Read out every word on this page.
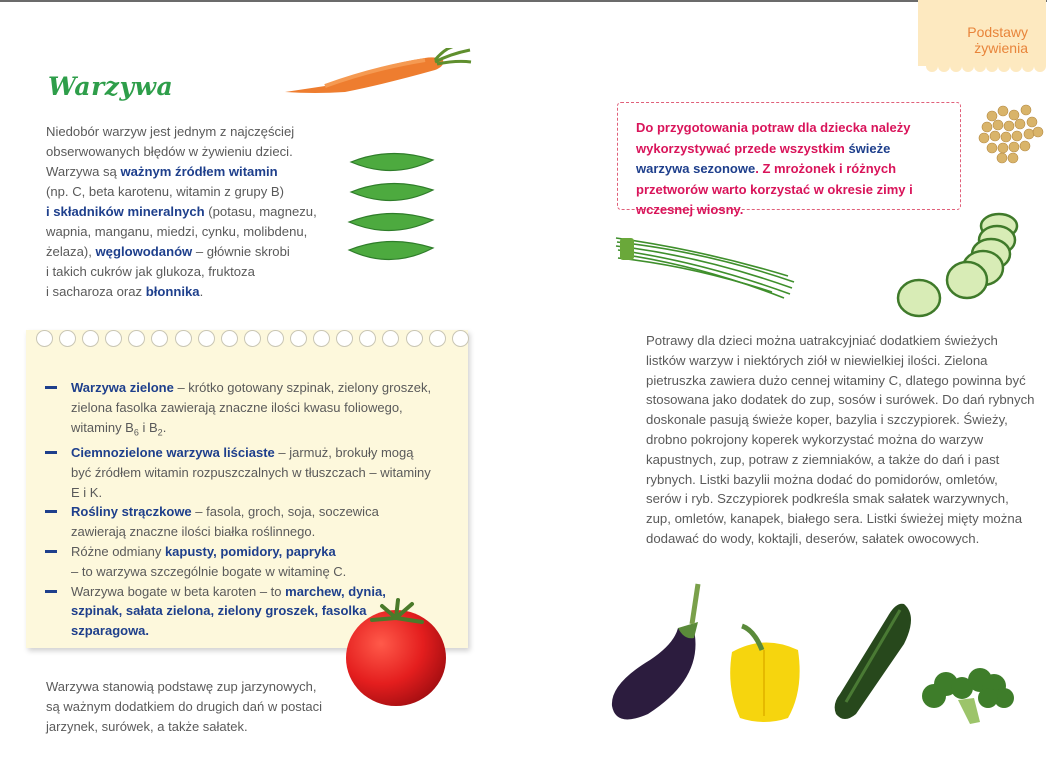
Podstawy
żywienia
Warzywa

Niedobór warzyw jest jednym z najczęściej
obserwowanych błędów w żywieniu dzieci.
Warzywa są ważnym źródłem witamin
(np. C, beta karotenu, witamin z grupy B)
i składników mineralnych (potasu, magnezu,
wapnia, manganu, miedzi, cynku, molibdenu,
żelaza), węglowodanów – głównie skrobi
i takich cukrów jak glukoza, fruktoza
i sacharoza oraz błonnika.

Warzywa zielone – krótko gotowany szpinak, zielony groszek, zielona fasolka zawierają znaczne ilości kwasu foliowego, witaminy $B_6$ i $B_2$.
Ciemnozielone warzywa liściaste – jarmuż, brokuły mogą być źródłem witamin rozpuszczalnych w tłuszczach – witaminy E i K.
Rośliny strączkowe – fasola, groch, soja, soczewica zawierają znaczne ilości białka roślinnego.
Różne odmiany kapusty, pomidory, papryka
– to warzywa szczególnie bogate w witaminę C.
Warzywa bogate w beta karoten – to marchew, dynia, szpinak, sałata zielona, zielony groszek, fasolka szparagowa.
Warzywa stanowią podstawę zup jarzynowych, są ważnym dodatkiem do drugich dań w postaci jarzynek, surówek, a także sałatek.

Do przygotowania potraw dla dziecka należy wykorzystywać przede wszystkim świeże warzywa sezonowe. Z mrożonek i różnych przetworów warto korzystać w okresie zimy i wczesnej wiosny.

Potrawy dla dzieci można uatrakcyjniać dodatkiem świeżych listków warzyw i niektórych ziół w niewielkiej ilości. Zielona pietruszka zawiera dużo cennej witaminy C, dlatego powinna być stosowana jako dodatek do zup, sosów i surówek. Do dań rybnych doskonale pasują świeże koper, bazylia i szczypiorek. Świeży, drobno pokrojony koperek wykorzystać można do warzyw kapustnych, zup, potraw z ziemniaków, a także do dań i past rybnych. Listki bazylii można dodać do pomidorów, omletów, serów i ryb. Szczypiorek podkreśla smak sałatek warzywnych, zup, omletów, kanapek, białego sera. Listki świeżej mięty można dodawać do wody, koktajli, deserów, sałatek owocowych.
